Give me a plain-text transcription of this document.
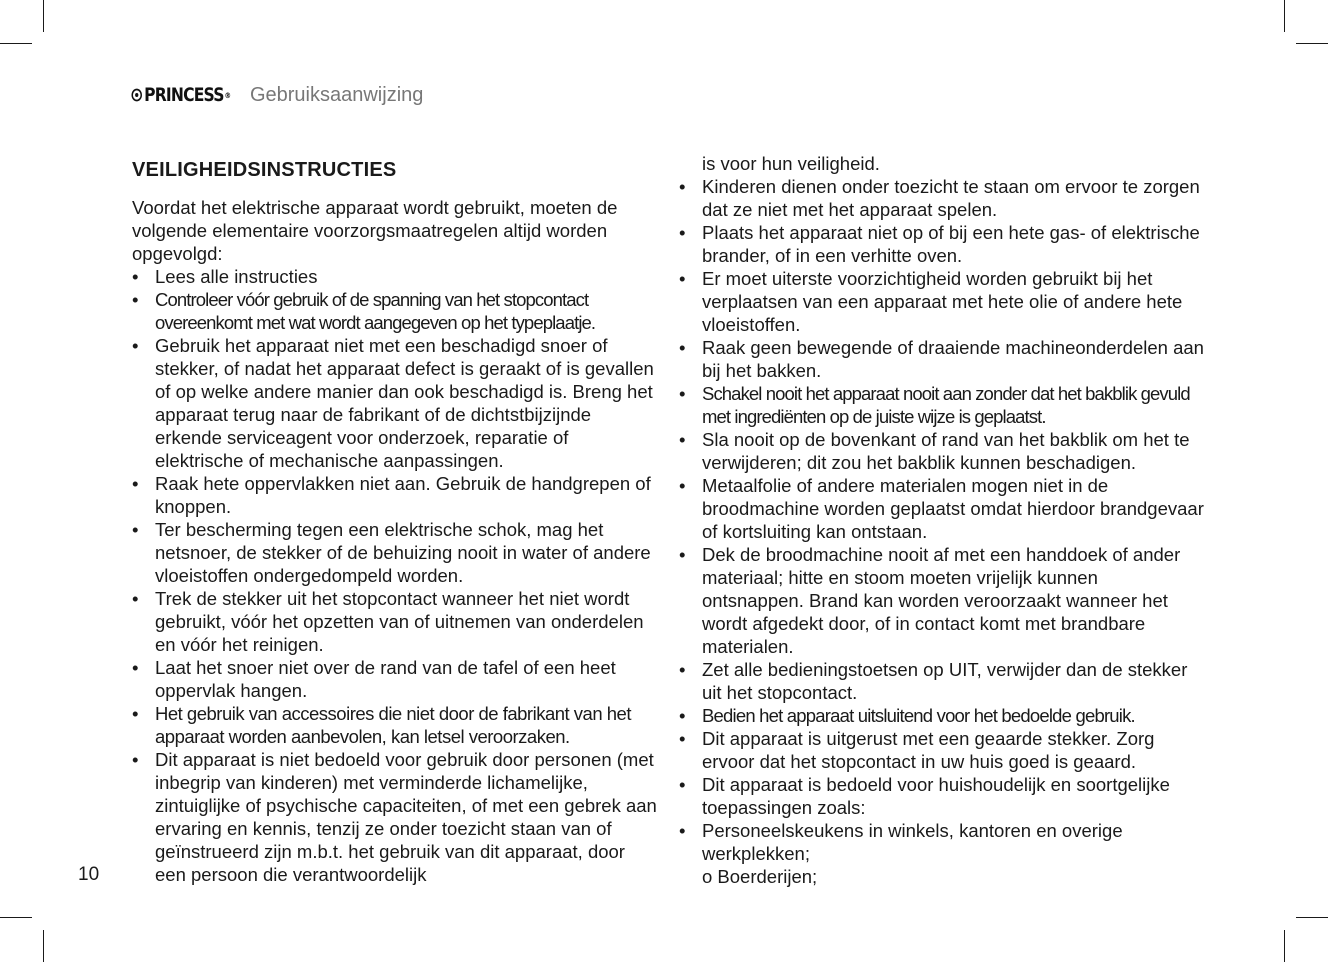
PRINCESS ® Gebruiksaanwijzing
VEILIGHEIDSINSTRUCTIES

Voordat het elektrische apparaat wordt gebruikt, moeten de volgende elementaire voorzorgsmaatregelen altijd worden opgevolgd:

• Lees alle instructies
• Controleer vóór gebruik of de spanning van het stopcontact overeenkomt met wat wordt aangegeven op het typeplaatje.
• Gebruik het apparaat niet met een beschadigd snoer of stekker, of nadat het apparaat defect is geraakt of is gevallen of op welke andere manier dan ook beschadigd is. Breng het apparaat terug naar de fabrikant of de dichtstbijzijnde erkende serviceagent voor onderzoek, reparatie of elektrische of mechanische aanpassingen.
• Raak hete oppervlakken niet aan. Gebruik de handgrepen of knoppen.
• Ter bescherming tegen een elektrische schok, mag het netsnoer, de stekker of de behuizing nooit in water of andere vloeistoffen ondergedompeld worden.
• Trek de stekker uit het stopcontact wanneer het niet wordt gebruikt, vóór het opzetten van of uitnemen van onderdelen en vóór het reinigen.
• Laat het snoer niet over de rand van de tafel of een heet oppervlak hangen.
• Het gebruik van accessoires die niet door de fabrikant van het apparaat worden aanbevolen, kan letsel veroorzaken.
• Dit apparaat is niet bedoeld voor gebruik door personen (met inbegrip van kinderen) met verminderde lichamelijke, zintuiglijke of psychische capaciteiten, of met een gebrek aan ervaring en kennis, tenzij ze onder toezicht staan van of geïnstrueerd zijn m.b.t. het gebruik van dit apparaat, door een persoon die verantwoordelijk
is voor hun veiligheid.
• Kinderen dienen onder toezicht te staan om ervoor te zorgen dat ze niet met het apparaat spelen.
• Plaats het apparaat niet op of bij een hete gas- of elektrische brander, of in een verhitte oven.
• Er moet uiterste voorzichtigheid worden gebruikt bij het verplaatsen van een apparaat met hete olie of andere hete vloeistoffen.
• Raak geen bewegende of draaiende machineonderdelen aan bij het bakken.
• Schakel nooit het apparaat nooit aan zonder dat het bakblik gevuld met ingrediënten op de juiste wijze is geplaatst.
• Sla nooit op de bovenkant of rand van het bakblik om het te verwijderen; dit zou het bakblik kunnen beschadigen.
• Metaalfolie of andere materialen mogen niet in de broodmachine worden geplaatst omdat hierdoor brandgevaar of kortsluiting kan ontstaan.
• Dek de broodmachine nooit af met een handdoek of ander materiaal; hitte en stoom moeten vrijelijk kunnen ontsnappen. Brand kan worden veroorzaakt wanneer het wordt afgedekt door, of in contact komt met brandbare materialen.
• Zet alle bedieningstoetsen op UIT, verwijder dan de stekker uit het stopcontact.
• Bedien het apparaat uitsluitend voor het bedoelde gebruik.
• Dit apparaat is uitgerust met een geaarde stekker. Zorg ervoor dat het stopcontact in uw huis goed is geaard.
• Dit apparaat is bedoeld voor huishoudelijk en soortgelijke toepassingen zoals:
• Personeelskeukens in winkels, kantoren en overige werkplekken;
o Boerderijen;
10
